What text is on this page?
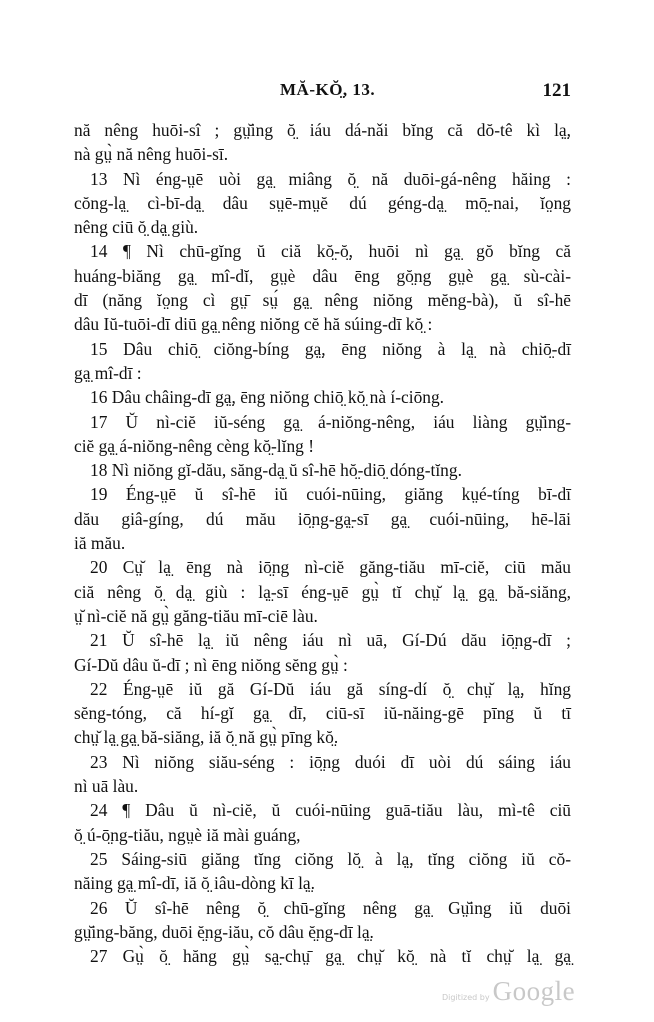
MĂ-KŎ̤, 13.	121
nă nêng huōi-sî ; gṳ̆ing ŏ̤ iáu dá-nǎi bĭng că dŏ-tê kì lạ̤,
nà gṳ̀ nă nêng huōi-sī.
13 Nì éng-ṳē uòi gạ̤ miâng ŏ̤ nă duōi-gá-nêng hăing :
cŏng-lạ̤ cì-bī-dạ̤ dâu sṳē-mṳĕ dú géng-dạ̤ mō̤-nai, ĭo̤ng
nêng ciū ŏ̤ dạ̤ giù.
14 ¶ Nì chū-gĭng ŭ ciă kŏ̤-ŏ̤, huōi nì gạ̤ gŏ bĭng că
huáng-biăng gạ̤ mî-dĭ, gṳè dâu ēng gŏ̤ng gṳè gạ̤ sù-cài-
dī (năng ĭo̤ng cì gṳ̄ sṳ́ gạ̤ nêng niŏng mĕng-bà), ŭ sî-hē
dâu Iŭ-tuōi-dī diū gạ̤ nêng niŏng cĕ hă súing-dī kŏ̤ :
15 Dâu chiō̤ ciŏng-bíng gạ̤, ēng niŏng à lạ̤ nà chiō̤-dī
gạ̤ mî-dī :
16 Dâu châing-dī gạ̤, ēng niŏng chiō̤ kŏ̤ nà í-ciōng.
17 Ŭ nì-ciĕ iŭ-séng gạ̤ á-niŏng-nêng, iáu liàng gṳ̆ing-
ciĕ gạ̤ á-niŏng-nêng cèng kŏ̤-lĭng !
18 Nì niŏng gĭ-dău, săng-dạ̤ ŭ sî-hē hŏ̤-diō̤ dóng-tĭng.
19 Éng-ṳē ŭ sî-hē iŭ cuói-nūing, giăng kṳé-tíng bī-dī
dău giâ-gíng, dú mău iō̤ng-gạ̤-sī gạ̤ cuói-nūing, hē-lāi
iă mău.
20 Cṳ̆ lạ̤ ēng nà iō̤ng nì-ciĕ găng-tiău mī-ciĕ, ciū mău
ciă nêng ŏ̤ dạ̤ giù : lạ̤-sī éng-ṳē gṳ̀ tĭ chṳ̆ lạ̤ gạ̤ bă-siăng,
ṳ̆ nì-ciĕ nă gṳ̀ găng-tiău mī-ciē làu.
21 Ŭ sî-hē lạ̤ iŭ nêng iáu nì uā, Gí-Dú dău iō̤ng-dī ;
Gí-Dŭ dâu ŭ-dī ; nì ēng niŏng sĕng gṳ̀ :
22 Éng-ṳē iŭ gă Gí-Dŭ iáu gă síng-dí ŏ̤ chṳ̆ lạ̤, hĭng
sĕng-tóng, că hí-gĭ gạ̤ dī, ciū-sī iŭ-năing-gē pīng ŭ tī
chṳ̆ lạ̤ gạ̤ bă-siăng, iă ŏ̤ nă gṳ̀ pīng kŏ̤.
23 Nì niŏng siău-séng : iō̤ng duói dī uòi dú sáing iáu
nì uā làu.
24 ¶ Dâu ŭ nì-ciĕ, ŭ cuói-nūing guā-tiău làu, mì-tê ciū
ŏ̤ ú-ō̤ng-tiău, ngṳè iă mài guáng,
25 Sáing-siū giăng tĭng ciŏng lŏ̤ à lạ̤, tĭng ciŏng iŭ cŏ-
năing gạ̤ mî-dī, iă ŏ̤ iâu-dòng kī lạ̤.
26 Ŭ sî-hē nêng ŏ̤ chū-gĭng nêng gạ̤ Gṳ̆ing iŭ duōi
gṳ̆ing-băng, duōi ĕ̤ng-iău, cŏ dâu ĕ̤ng-dī lạ̤.
27 Gṳ̀ ŏ̤ hăng gṳ̀ sạ̤-chṳ̄ gạ̤ chṳ̆ kŏ̤ nà tĭ chṳ̆ lạ̤ gạ̤
Digitized by Google
